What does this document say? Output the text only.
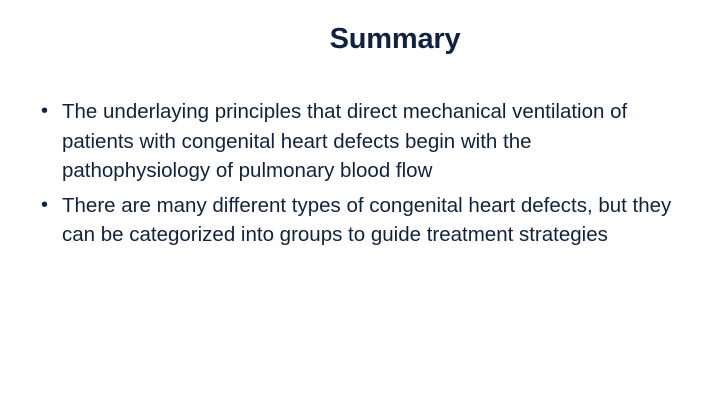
Summary
• The underlaying principles that direct mechanical ventilation of patients with congenital heart defects begin with the pathophysiology of pulmonary blood flow
• There are many different types of congenital heart defects, but they can be categorized into groups to guide treatment strategies
